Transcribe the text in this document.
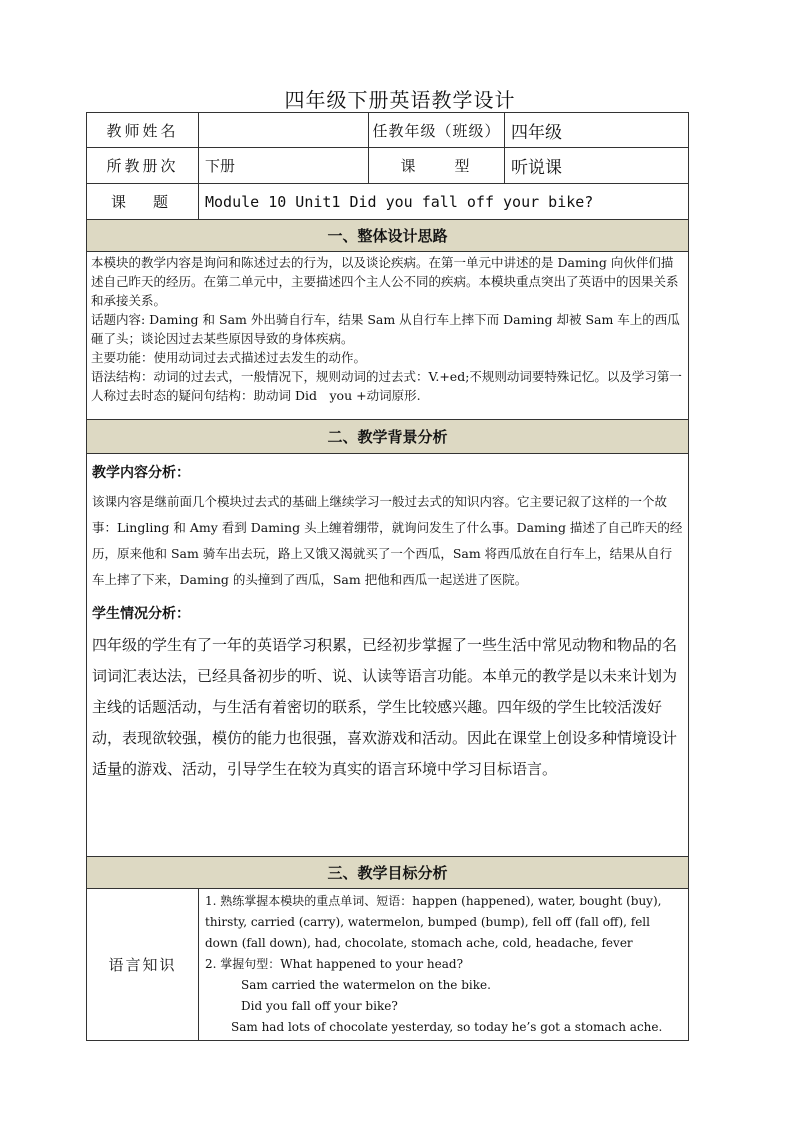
四年级下册英语教学设计
教师姓名		任教年级（班级）	四年级
所教册次	下册	课　　型	听说课
课　题	Module 10 Unit1 Did you fall off your bike?		
一、整体设计思路			

本模块的教学内容是询问和陈述过去的行为，以及谈论疾病。在第一单元中讲述的是 Daming 向伙伴们描述自己昨天的经历。在第二单元中，主要描述四个主人公不同的疾病。本模块重点突出了英语中的因果关系和承接关系。

话题内容: Daming 和 Sam 外出骑自行车，结果 Sam 从自行车上摔下而 Daming 却被 Sam 车上的西瓜砸了头；谈论因过去某些原因导致的身体疾病。

主要功能：使用动词过去式描述过去发生的动作。

语法结构：动词的过去式，一般情况下，规则动词的过去式：V.+ed;不规则动词要特殊记忆。以及学习第一人称过去时态的疑问句结构：助动词 Did　you +动词原形.			

二、教学背景分析			

教学内容分析：

该课内容是继前面几个模块过去式的基础上继续学习一般过去式的知识内容。它主要记叙了这样的一个故事：Lingling 和 Amy 看到 Daming 头上缠着绷带，就询问发生了什么事。Daming 描述了自己昨天的经历，原来他和 Sam 骑车出去玩，路上又饿又渴就买了一个西瓜，Sam 将西瓜放在自行车上，结果从自行车上摔了下来，Daming 的头撞到了西瓜，Sam 把他和西瓜一起送进了医院。

学生情况分析：

四年级的学生有了一年的英语学习积累，已经初步掌握了一些生活中常见动物和物品的名词词汇表达法，已经具备初步的听、说、认读等语言功能。本单元的教学是以未来计划为主线的话题活动，与生活有着密切的联系，学生比较感兴趣。四年级的学生比较活泼好动，表现欲较强，模仿的能力也很强，喜欢游戏和活动。因此在课堂上创设多种情境设计适量的游戏、活动，引导学生在较为真实的语言环境中学习目标语言。			

三、教学目标分析			
语言知识	1. 熟练掌握本模块的重点单词、短语：happen (happened), water, bought (buy), thirsty, carried (carry), watermelon, bumped (bump), fell off (fall off), fell down (fall down), had, chocolate, stomach ache, cold, headache, fever

2. 掌握句型：What happened to your head?

Sam carried the watermelon on the bike.

Did you fall off your bike?

Sam had lots of chocolate yesterday, so today he’s got a stomach ache.		
